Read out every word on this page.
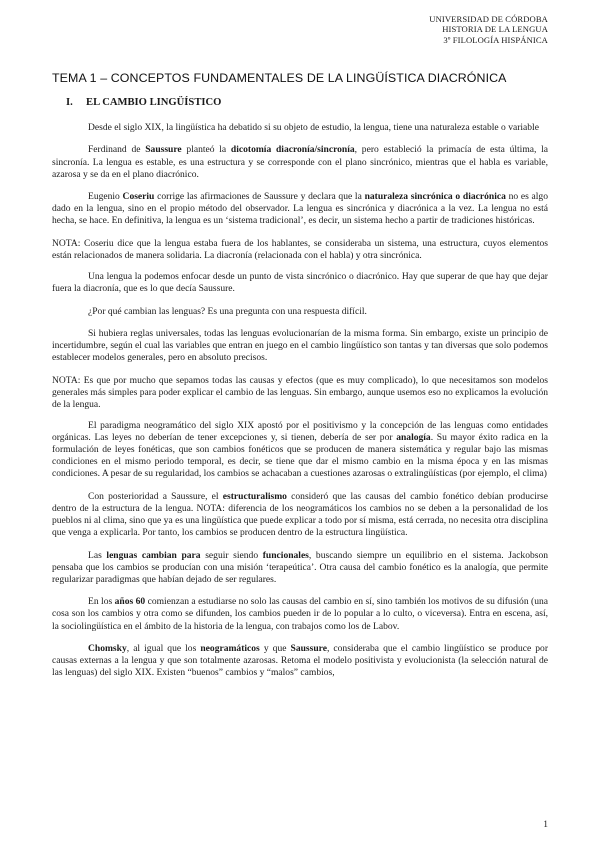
UNIVERSIDAD DE CÓRDOBA
HISTORIA DE LA LENGUA
3º FILOLOGÍA HISPÁNICA
TEMA 1 – CONCEPTOS FUNDAMENTALES DE LA LINGÜÍSTICA DIACRÓNICA
I. EL CAMBIO LINGÜÍSTICO

Desde el siglo XIX, la lingüística ha debatido si su objeto de estudio, la lengua, tiene una naturaleza estable o variable

Ferdinand de Saussure planteó la dicotomía diacronía/sincronía, pero estableció la primacía de esta última, la sincronía. La lengua es estable, es una estructura y se corresponde con el plano sincrónico, mientras que el habla es variable, azarosa y se da en el plano diacrónico.

Eugenio Coseriu corrige las afirmaciones de Saussure y declara que la naturaleza sincrónica o diacrónica no es algo dado en la lengua, sino en el propio método del observador. La lengua es sincrónica y diacrónica a la vez. La lengua no está hecha, se hace. En definitiva, la lengua es un ‘sistema tradicional’, es decir, un sistema hecho a partir de tradiciones históricas.

NOTA: Coseriu dice que la lengua estaba fuera de los hablantes, se consideraba un sistema, una estructura, cuyos elementos están relacionados de manera solidaria. La diacronía (relacionada con el habla) y otra sincrónica.

Una lengua la podemos enfocar desde un punto de vista sincrónico o diacrónico. Hay que superar de que hay que dejar fuera la diacronía, que es lo que decía Saussure.

¿Por qué cambian las lenguas? Es una pregunta con una respuesta difícil.

Si hubiera reglas universales, todas las lenguas evolucionarían de la misma forma. Sin embargo, existe un principio de incertidumbre, según el cual las variables que entran en juego en el cambio lingüístico son tantas y tan diversas que solo podemos establecer modelos generales, pero en absoluto precisos.

NOTA: Es que por mucho que sepamos todas las causas y efectos (que es muy complicado), lo que necesitamos son modelos generales más simples para poder explicar el cambio de las lenguas. Sin embargo, aunque usemos eso no explicamos la evolución de la lengua.

El paradigma neogramático del siglo XIX apostó por el positivismo y la concepción de las lenguas como entidades orgánicas. Las leyes no deberían de tener excepciones y, si tienen, debería de ser por analogía. Su mayor éxito radica en la formulación de leyes fonéticas, que son cambios fonéticos que se producen de manera sistemática y regular bajo las mismas condiciones en el mismo periodo temporal, es decir, se tiene que dar el mismo cambio en la misma época y en las mismas condiciones. A pesar de su regularidad, los cambios se achacaban a cuestiones azarosas o extralingüísticas (por ejemplo, el clima)

Con posterioridad a Saussure, el estructuralismo consideró que las causas del cambio fonético debían producirse dentro de la estructura de la lengua. NOTA: diferencia de los neogramáticos los cambios no se deben a la personalidad de los pueblos ni al clima, sino que ya es una lingüística que puede explicar a todo por sí misma, está cerrada, no necesita otra disciplina que venga a explicarla. Por tanto, los cambios se producen dentro de la estructura lingüística.

Las lenguas cambian para seguir siendo funcionales, buscando siempre un equilibrio en el sistema. Jackobson pensaba que los cambios se producían con una misión ‘terapeútica’. Otra causa del cambio fonético es la analogía, que permite regularizar paradigmas que habían dejado de ser regulares.

En los años 60 comienzan a estudiarse no solo las causas del cambio en sí, sino también los motivos de su difusión (una cosa son los cambios y otra como se difunden, los cambios pueden ir de lo popular a lo culto, o viceversa). Entra en escena, así, la sociolingüística en el ámbito de la historia de la lengua, con trabajos como los de Labov.

Chomsky, al igual que los neogramáticos y que Saussure, consideraba que el cambio lingüístico se produce por causas externas a la lengua y que son totalmente azarosas. Retoma el modelo positivista y evolucionista (la selección natural de las lenguas) del siglo XIX. Existen “buenos” cambios y “malos” cambios,

1
